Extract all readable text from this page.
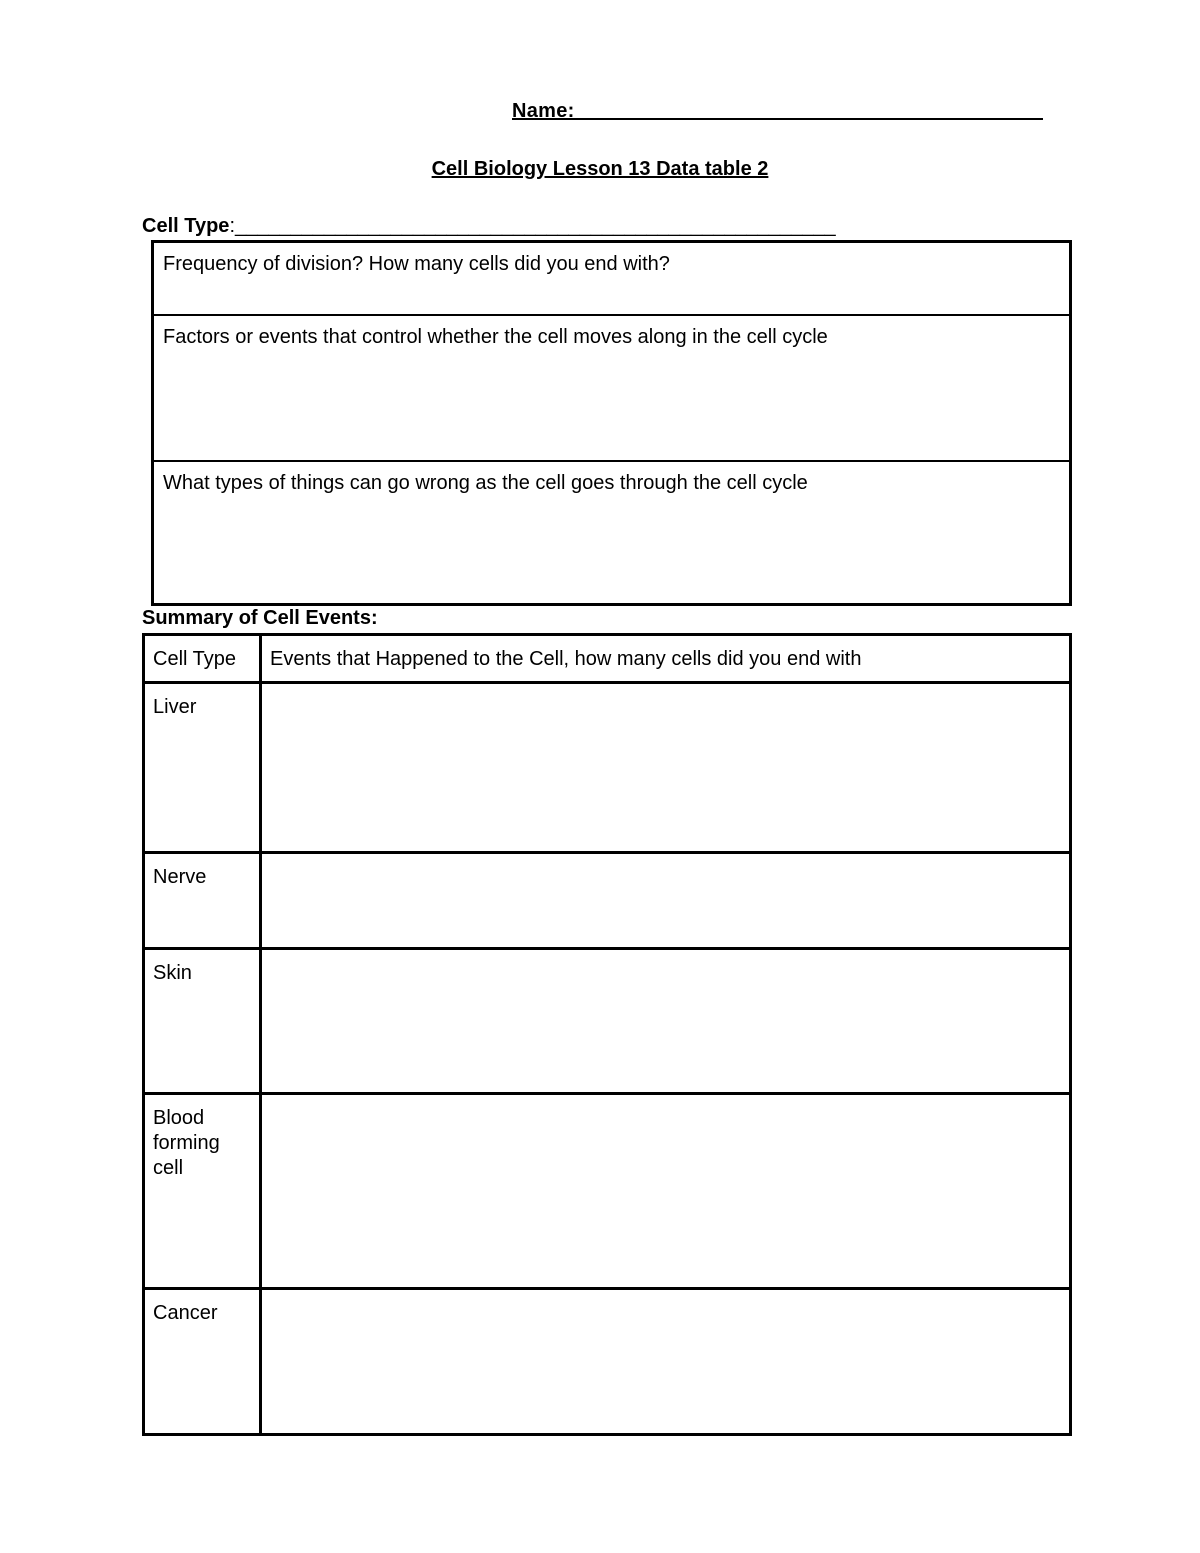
Name:_________________________________________
Cell Biology Lesson 13 Data table 2
Cell Type:______________________________________________________
Frequency of division? How many cells did you end with?
Factors or events that control whether the cell moves along in the cell cycle
What types of things can go wrong as the cell goes through the cell cycle
Summary of Cell Events:
Cell Type	Events that Happened to the Cell, how many cells did you end with
Liver
Nerve
Skin
Blood forming cell
Cancer
